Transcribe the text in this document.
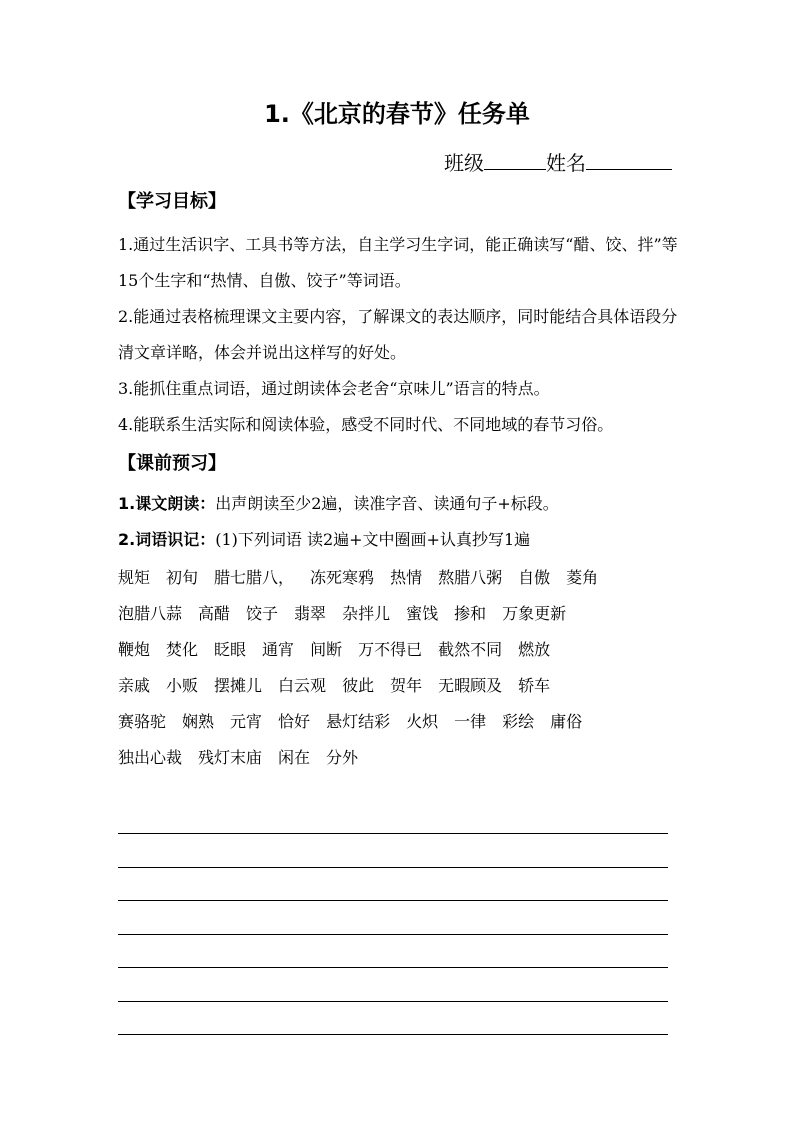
1.《北京的春节》任务单
班级	姓名
【学习目标】

1.通过生活识字、工具书等方法，自主学习生字词，能正确读写“醋、饺、拌”等15个生字和“热情、自傲、饺子”等词语。

2.能通过表格梳理课文主要内容，了解课文的表达顺序，同时能结合具体语段分清文章详略，体会并说出这样写的好处。

3.能抓住重点词语，通过朗读体会老舍“京味儿”语言的特点。

4.能联系生活实际和阅读体验，感受不同时代、不同地域的春节习俗。

【课前预习】
1.课文朗读：出声朗读至少2遍，读准字音、读通句子+标段。
2.词语识记：(1)下列词语 读2遍+文中圈画+认真抄写1遍
规矩 初旬 腊七腊八， 冻死寒鸦 热情 熬腊八粥 自傲 菱角
泡腊八蒜 高醋 饺子 翡翠 杂拌儿 蜜饯 掺和 万象更新
鞭炮 焚化 眨眼 通宵 间断 万不得已 截然不同 燃放
亲戚 小贩 摆摊儿 白云观 彼此 贺年 无暇顾及 轿车
赛骆驼 娴熟 元宵 恰好 悬灯结彩 火炽 一律 彩绘 庸俗
独出心裁 残灯末庙 闲在 分外
